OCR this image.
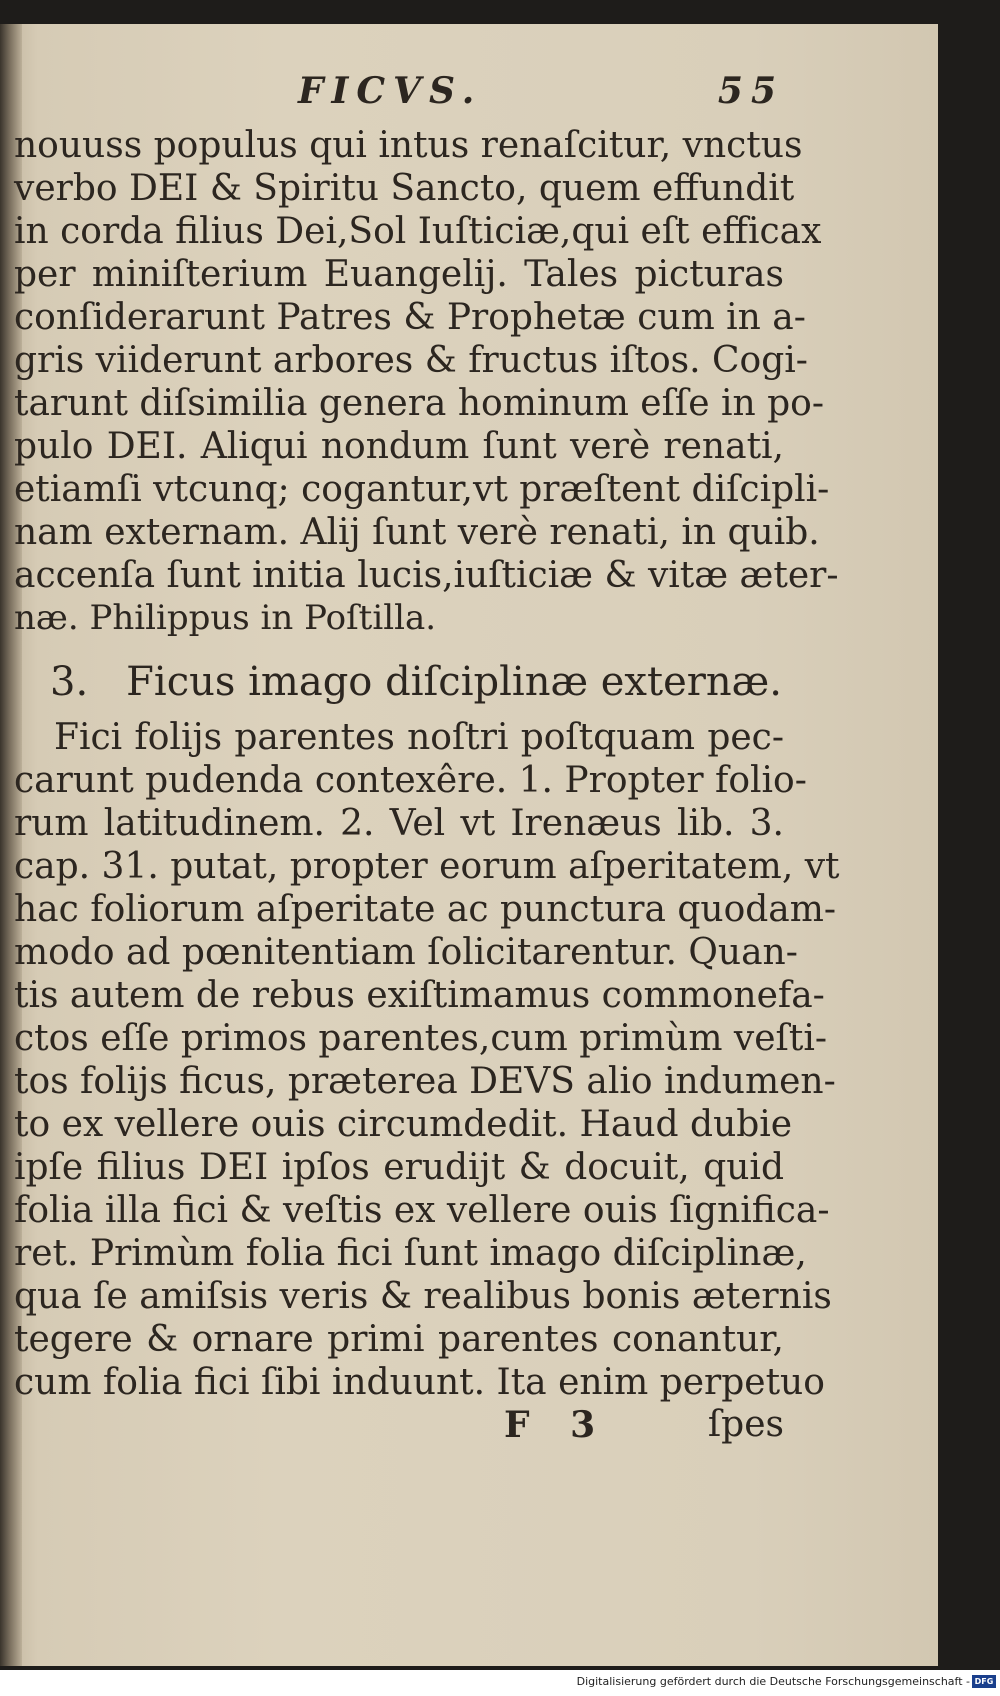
FICVS.	55
nouuss populus qui intus renaſcitur, vnctus
verbo DEI & Spiritu Sancto, quem effundit
in corda filius Dei,Sol Iuſticiæ,qui eſt efficax
per miniſterium Euangelij. Tales picturas
conſiderarunt Patres & Prophetæ cum in a-
gris viiderunt arbores & fructus iſtos. Cogi-
tarunt diſsimilia genera hominum eſſe in po-
pulo DEI. Aliqui nondum ſunt verè renati,
etiamſi vtcunq; cogantur,vt præſtent diſcipli-
nam externam. Alij ſunt verè renati, in quib.
accenſa ſunt initia lucis,iuſticiæ & vitæ æter-
næ. Philippus in Poſtilla.
3. Ficus imago diſciplinæ externæ.
Fici folijs parentes noſtri poſtquam pec-
carunt pudenda contexêre. 1. Propter folio-
rum latitudinem. 2. Vel vt Irenæus lib. 3.
cap. 31. putat, propter eorum aſperitatem, vt
hac foliorum aſperitate ac punctura quodam-
modo ad pœnitentiam ſolicitarentur. Quan-
tis autem de rebus exiſtimamus commonefa-
ctos eſſe primos parentes,cum primùm veſti-
tos folijs ficus, præterea DEVS alio indumen-
to ex vellere ouis circumdedit. Haud dubie
ipſe filius DEI ipſos erudijt & docuit, quid
folia illa fici & veſtis ex vellere ouis ſignifica-
ret. Primùm folia fici ſunt imago diſciplinæ,
qua ſe amiſsis veris & realibus bonis æternis
tegere & ornare primi parentes conantur,
cum folia fici ſibi induunt. Ita enim perpetuo
F 3	ſpes
Digitalisierung gefördert durch die Deutsche Forschungsgemeinschaft - DFG
